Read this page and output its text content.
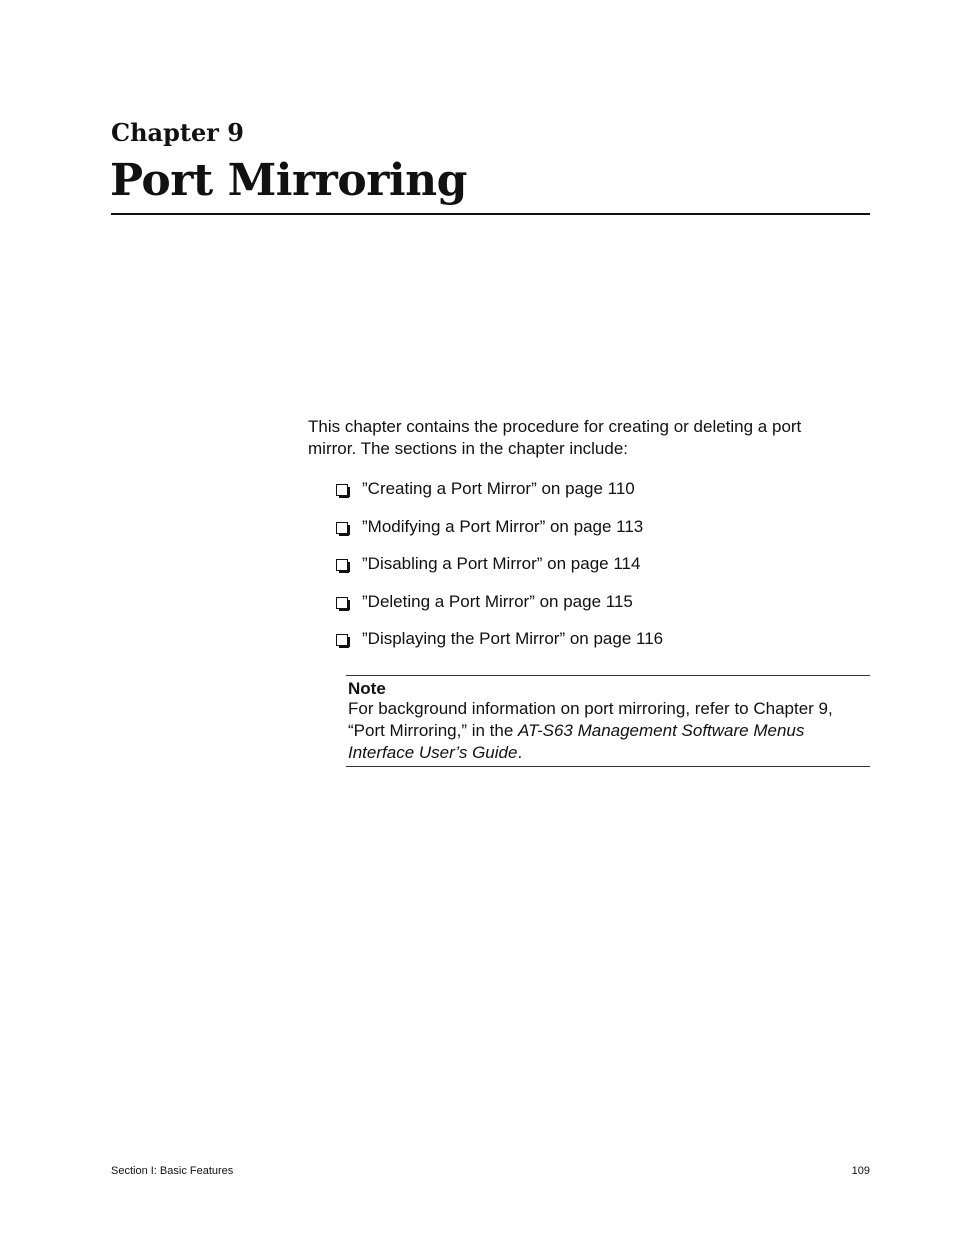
Chapter 9
Port Mirroring

This chapter contains the procedure for creating or deleting a port mirror. The sections in the chapter include:

”Creating a Port Mirror” on page 110
”Modifying a Port Mirror” on page 113
”Disabling a Port Mirror” on page 114
”Deleting a Port Mirror” on page 115
”Displaying the Port Mirror” on page 116
Note

For background information on port mirroring, refer to Chapter 9, “Port Mirroring,” in the AT-S63 Management Software Menus Interface User’s Guide.

Section I: Basic Features	109
